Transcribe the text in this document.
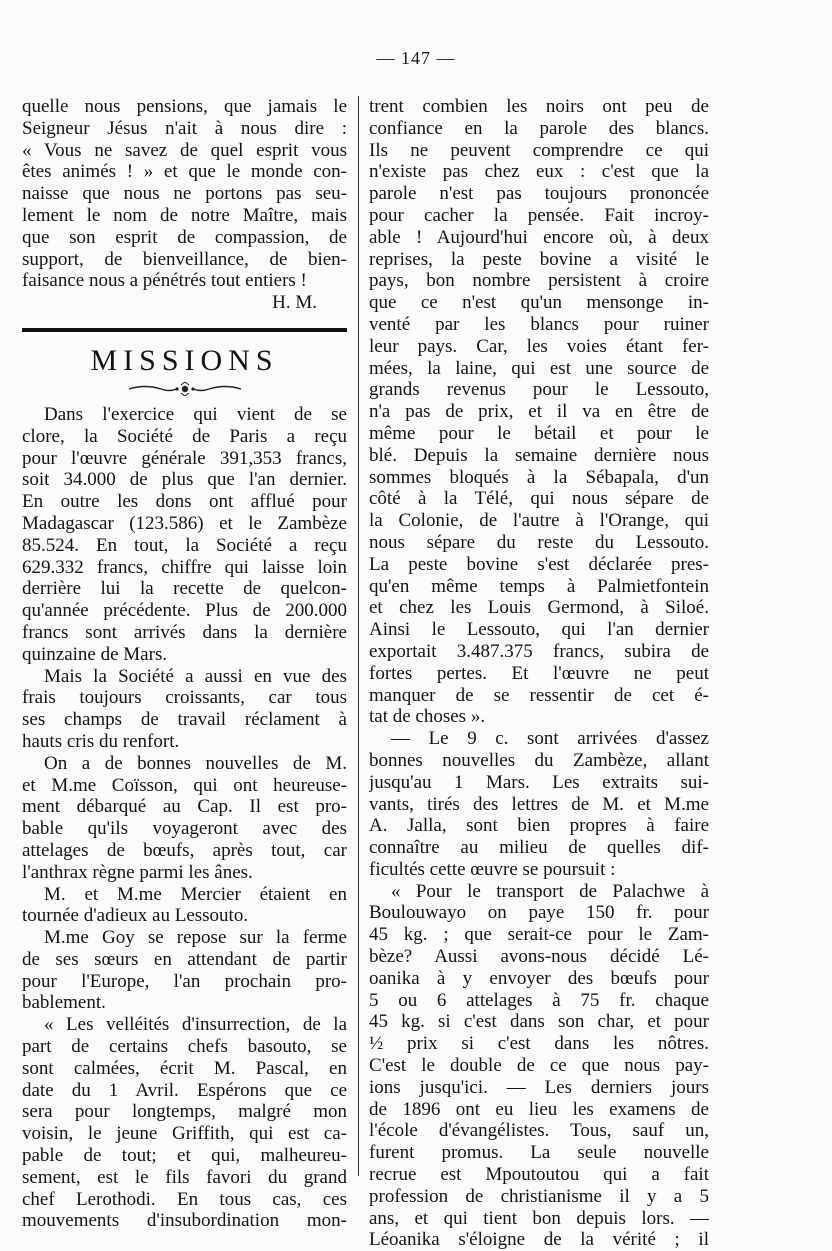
— 147 —
quelle nous pensions, que jamais le
Seigneur Jésus n'ait à nous dire :
« Vous ne savez de quel esprit vous
êtes animés ! » et que le monde con-
naisse que nous ne portons pas seu-
lement le nom de notre Maître, mais
que son esprit de compassion, de
support, de bienveillance, de bien-
faisance nous a pénétrés tout entiers !
H. M.
MISSIONS
Dans l'exercice qui vient de se
clore, la Société de Paris a reçu
pour l'œuvre générale 391,353 francs,
soit 34.000 de plus que l'an dernier.
En outre les dons ont afflué pour
Madagascar (123.586) et le Zambèze
85.524. En tout, la Société a reçu
629.332 francs, chiffre qui laisse loin
derrière lui la recette de quelcon-
qu'année précédente. Plus de 200.000
francs sont arrivés dans la dernière
quinzaine de Mars.
Mais la Société a aussi en vue des
frais toujours croissants, car tous
ses champs de travail réclament à
hauts cris du renfort.
On a de bonnes nouvelles de M.
et M.me Coïsson, qui ont heureuse-
ment débarqué au Cap. Il est pro-
bable qu'ils voyageront avec des
attelages de bœufs, après tout, car
l'anthrax règne parmi les ânes.
M. et M.me Mercier étaient en
tournée d'adieux au Lessouto.
M.me Goy se repose sur la ferme
de ses sœurs en attendant de partir
pour l'Europe, l'an prochain pro-
bablement.
« Les velléités d'insurrection, de la
part de certains chefs basouto, se
sont calmées, écrit M. Pascal, en
date du 1 Avril. Espérons que ce
sera pour longtemps, malgré mon
voisin, le jeune Griffith, qui est ca-
pable de tout; et qui, malheureu-
sement, est le fils favori du grand
chef Lerothodi. En tous cas, ces
mouvements d'insubordination mon-
trent combien les noirs ont peu de
confiance en la parole des blancs.
Ils ne peuvent comprendre ce qui
n'existe pas chez eux : c'est que la
parole n'est pas toujours prononcée
pour cacher la pensée. Fait incroy-
able ! Aujourd'hui encore où, à deux
reprises, la peste bovine a visité le
pays, bon nombre persistent à croire
que ce n'est qu'un mensonge in-
venté par les blancs pour ruiner
leur pays. Car, les voies étant fer-
mées, la laine, qui est une source de
grands revenus pour le Lessouto,
n'a pas de prix, et il va en être de
même pour le bétail et pour le
blé. Depuis la semaine dernière nous
sommes bloqués à la Sébapala, d'un
côté à la Télé, qui nous sépare de
la Colonie, de l'autre à l'Orange, qui
nous sépare du reste du Lessouto.
La peste bovine s'est déclarée pres-
qu'en même temps à Palmietfontein
et chez les Louis Germond, à Siloé.
Ainsi le Lessouto, qui l'an dernier
exportait 3.487.375 francs, subira de
fortes pertes. Et l'œuvre ne peut
manquer de se ressentir de cet é-
tat de choses ».
— Le 9 c. sont arrivées d'assez
bonnes nouvelles du Zambèze, allant
jusqu'au 1 Mars. Les extraits sui-
vants, tirés des lettres de M. et M.me
A. Jalla, sont bien propres à faire
connaître au milieu de quelles dif-
ficultés cette œuvre se poursuit :
« Pour le transport de Palachwe à
Boulouwayo on paye 150 fr. pour
45 kg. ; que serait-ce pour le Zam-
bèze? Aussi avons-nous décidé Lé-
oanika à y envoyer des bœufs pour
5 ou 6 attelages à 75 fr. chaque
45 kg. si c'est dans son char, et pour
½ prix si c'est dans les nôtres.
C'est le double de ce que nous pay-
ions jusqu'ici. — Les derniers jours
de 1896 ont eu lieu les examens de
l'école d'évangélistes. Tous, sauf un,
furent promus. La seule nouvelle
recrue est Mpoutoutou qui a fait
profession de christianisme il y a 5
ans, et qui tient bon depuis lors. —
Léoanika s'éloigne de la vérité ; il
